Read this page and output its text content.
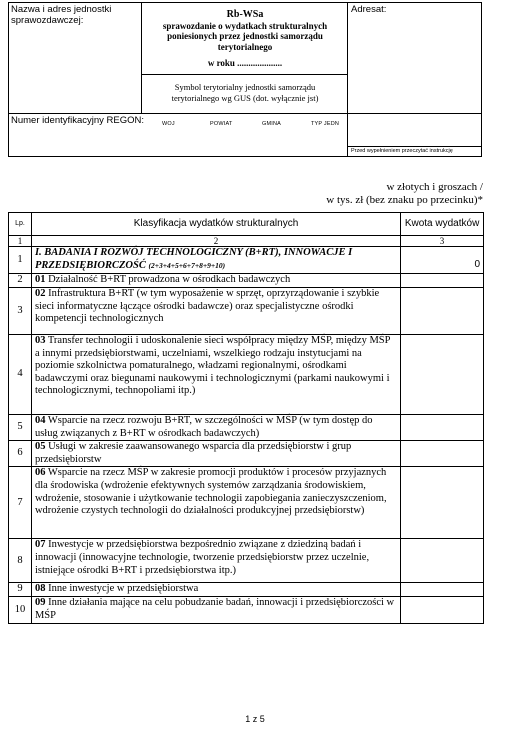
Nazwa i adres jednostki sprawozdawczej:
Rb-WSa
sprawozdanie o wydatkach strukturalnych
poniesionych przez jednostki samorządu
terytorialnego
w roku ....................
Symbol terytorialny jednostki samorządu
terytorialnego wg GUS (dot. wyłącznie jst)
Adresat:
Numer identyfikacyjny REGON:	WOJ	POWIAT	GMINA	TYP JEDN
Przed wypełnieniem przeczytać instrukcję
w złotych i groszach /
w tys. zł (bez znaku po przecinku)*
Lp.	Klasyfikacja wydatków strukturalnych	Kwota wydatków
1	2	3
1	I. BADANIA I ROZWÓJ TECHNOLOGICZNY (B+RT), INNOWACJE I PRZEDSIĘBIORCZOŚĆ (2+3+4+5+6+7+8+9+10)	0
2	01 Działalność B+RT prowadzona w ośrodkach badawczych	
3	02 Infrastruktura B+RT (w tym wyposażenie w sprzęt, oprzyrządowanie i szybkie sieci informatyczne łączące ośrodki badawcze) oraz specjalistyczne ośrodki kompetencji technologicznych	
4	03 Transfer technologii i udoskonalenie sieci współpracy między MŚP, między MŚP a innymi przedsiębiorstwami, uczelniami, wszelkiego rodzaju instytucjami na poziomie szkolnictwa pomaturalnego, władzami regionalnymi, ośrodkami badawczymi oraz biegunami naukowymi i technologicznymi (parkami naukowymi i technologicznymi, technopoliami itp.)	
5	04 Wsparcie na rzecz rozwoju B+RT, w szczególności w MŚP (w tym dostęp do usług związanych z B+RT w ośrodkach badawczych)	
6	05 Usługi w zakresie zaawansowanego wsparcia dla przedsiębiorstw i grup przedsiębiorstw	
7	06 Wsparcie na rzecz MŚP w zakresie promocji produktów i procesów przyjaznych dla środowiska (wdrożenie efektywnych systemów zarządzania środowiskiem, wdrożenie, stosowanie i użytkowanie technologii zapobiegania zanieczyszczeniom, wdrożenie czystych technologii do działalności produkcyjnej przedsiębiorstw)	
8	07 Inwestycje w przedsiębiorstwa bezpośrednio związane z dziedziną badań i innowacji (innowacyjne technologie, tworzenie przedsiębiorstw przez uczelnie, istniejące ośrodki B+RT i przedsiębiorstwa itp.)	
9	08 Inne inwestycje w przedsiębiorstwa	
10	09 Inne działania mające na celu pobudzanie badań, innowacji i przedsiębiorczości w MŚP	
1 z 5
